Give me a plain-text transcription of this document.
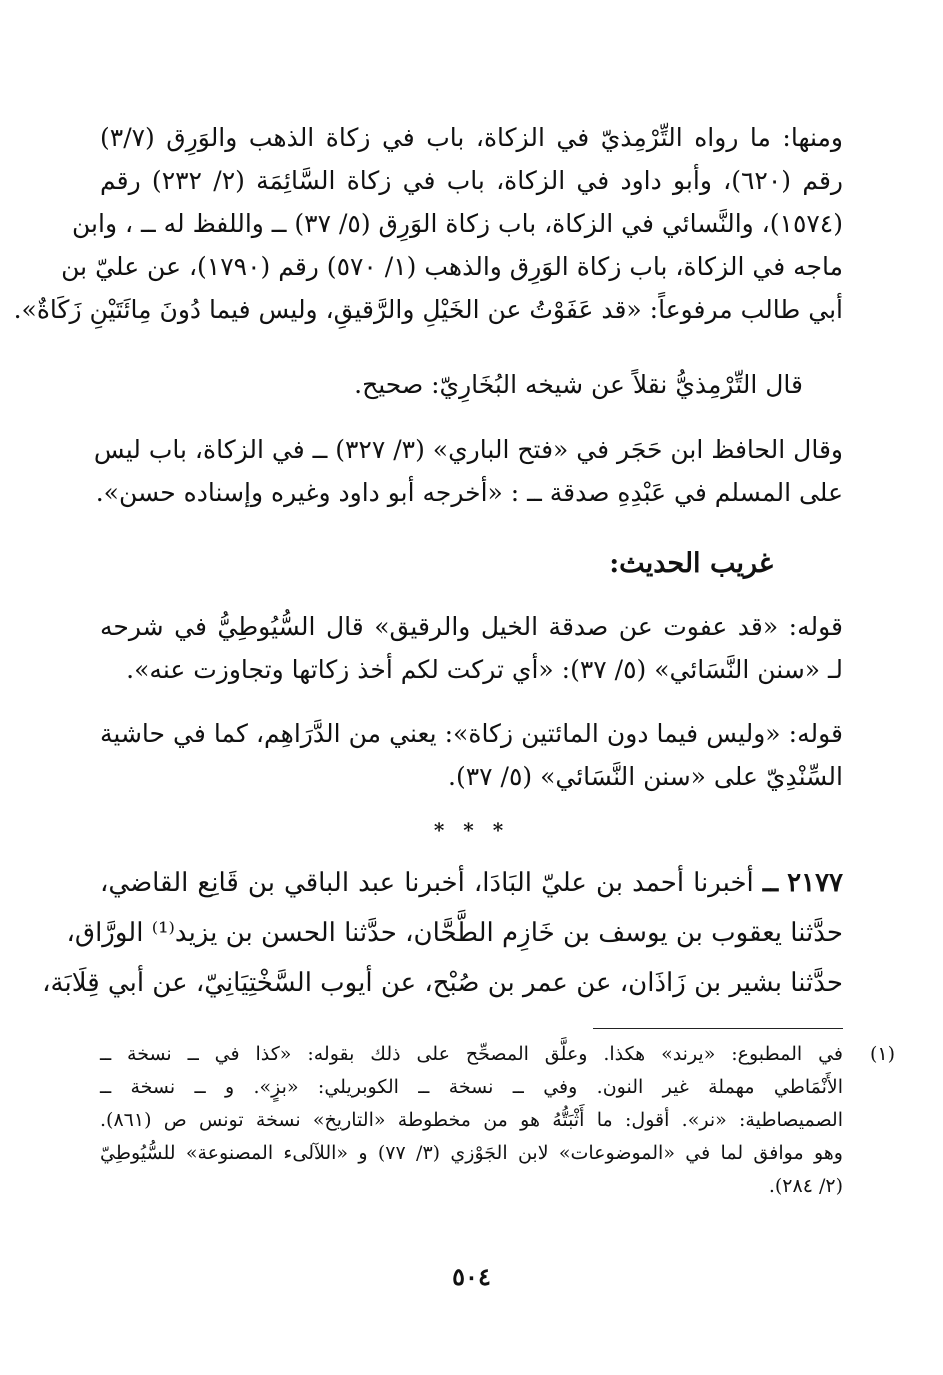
ومنها: ما رواه التِّرْمِذيّ في الزكاة، باب في زكاة الذهب والوَرِق (٣/٧)
رقم (٦٢٠)، وأبو داود في الزكاة، باب في زكاة السَّائِمَة (٢/ ٢٣٢) رقم
(١٥٧٤)، والنَّسائي في الزكاة، باب زكاة الوَرِق (٥/ ٣٧) ــ واللفظ له ــ ، وابن
ماجه في الزكاة، باب زكاة الوَرِق والذهب (١/ ٥٧٠) رقم (١٧٩٠)، عن عليّ بن
أبي طالب مرفوعاً: «قد عَفَوْتُ عن الخَيْلِ والرَّقيقِ، وليس فيما دُونَ مِائَتَيْنِ زَكَاةٌ».
قال التِّرْمِذيُّ نقلاً عن شيخه البُخَارِيّ: صحيح.
وقال الحافظ ابن حَجَر في «فتح الباري» (٣/ ٣٢٧) ــ في الزكاة، باب ليس
على المسلم في عَبْدِهِ صدقة ــ : «أخرجه أبو داود وغيره وإسناده حسن».
غريب الحديث:
قوله: «قد عفوت عن صدقة الخيل والرقيق» قال السُّيُوطِيُّ في شرحه
لـ «سنن النَّسَائي» (٥/ ٣٧): «أي تركت لكم أخذ زكاتها وتجاوزت عنه».
قوله: «وليس فيما دون المائتين زكاة»: يعني من الدَّرَاهِم، كما في حاشية
السِّنْدِيّ على «سنن النَّسَائي» (٥/ ٣٧).
* * *
٢١٧٧ ــ أخبرنا أحمد بن عليّ البَادَا، أخبرنا عبد الباقي بن قَانِع القاضي،
حدَّثنا يعقوب بن يوسف بن خَازِم الطَّحَّان، حدَّثنا الحسن بن يزيد⁽¹⁾ الورَّاق،
حدَّثنا بشير بن زَاذَان، عن عمر بن صُبْح، عن أيوب السَّخْتِيَانِيّ، عن أبي قِلَابَة،
(١)
في المطبوع: «يرند» هكذا. وعلَّق المصحِّح على ذلك بقوله: «كذا في ــ نسخة ــ
الأَنْمَاطي مهملة غير النون. وفي ــ نسخة ــ الكوبريلي: «بزٍ». و ــ نسخة ــ
الصميصاطية: «نر». أقول: ما أَثْبَتُّهُ هو من مخطوطة «التاريخ» نسخة تونس ص (٨٦١).
وهو موافق لما في «الموضوعات» لابن الجَوْزي (٣/ ٧٧) و «اللآلىء المصنوعة» للسُّيُوطِيّ
(٢/ ٢٨٤).
٥٠٤
